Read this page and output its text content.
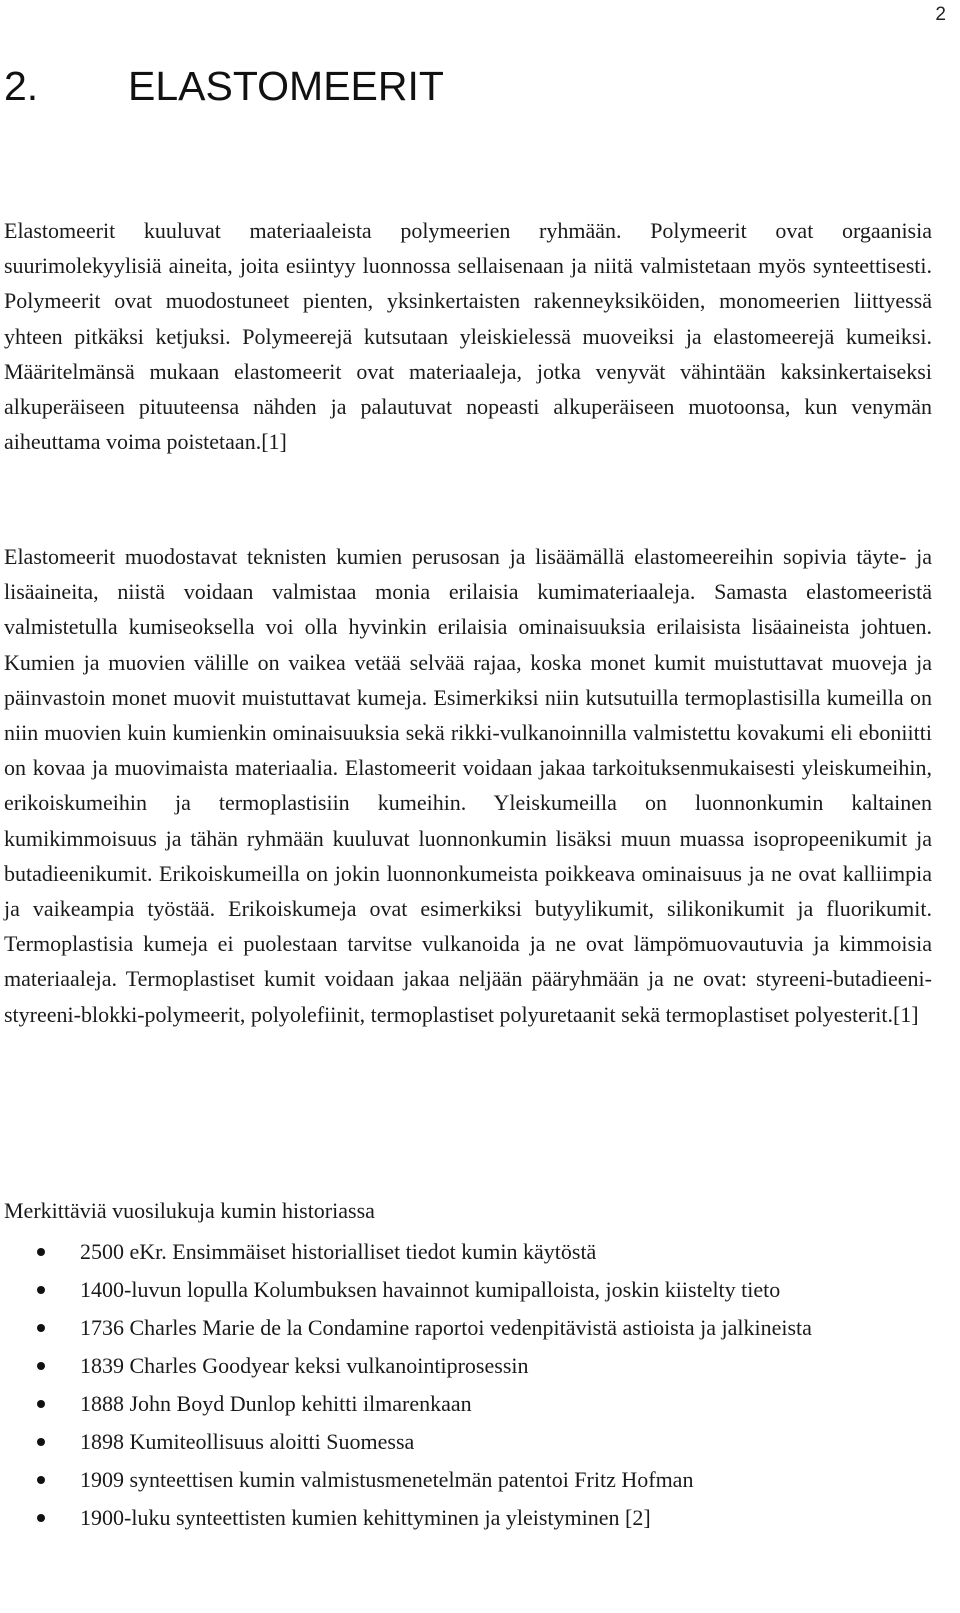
2
2. ELASTOMEERIT

Elastomeerit kuuluvat materiaaleista polymeerien ryhmään. Polymeerit ovat orgaanisia suurimolekyylisiä aineita, joita esiintyy luonnossa sellaisenaan ja niitä valmistetaan myös synteettisesti. Polymeerit ovat muodostuneet pienten, yksinkertaisten rakenneyksiköiden, monomeerien liittyessä yhteen pitkäksi ketjuksi. Polymeerejä kutsutaan yleiskielessä muoveiksi ja elastomeerejä kumeiksi. Määritelmänsä mukaan elastomeerit ovat materiaaleja, jotka venyvät vähintään kaksinkertaiseksi alkuperäiseen pituuteensa nähden ja palautuvat nopeasti alkuperäiseen muotoonsa, kun venymän aiheuttama voima poistetaan.[1]

Elastomeerit muodostavat teknisten kumien perusosan ja lisäämällä elastomeereihin sopivia täyte- ja lisäaineita, niistä voidaan valmistaa monia erilaisia kumimateriaaleja. Samasta elastomeeristä valmistetulla kumiseoksella voi olla hyvinkin erilaisia ominaisuuksia erilaisista lisäaineista johtuen. Kumien ja muovien välille on vaikea vetää selvää rajaa, koska monet kumit muistuttavat muoveja ja päinvastoin monet muovit muistuttavat kumeja. Esimerkiksi niin kutsutuilla termoplastisilla kumeilla on niin muovien kuin kumienkin ominaisuuksia sekä rikki-vulkanoinnilla valmistettu kovakumi eli eboniitti on kovaa ja muovimaista materiaalia. Elastomeerit voidaan jakaa tarkoituksenmukaisesti yleiskumeihin, erikoiskumeihin ja termoplastisiin kumeihin. Yleiskumeilla on luonnonkumin kaltainen kumikimmoisuus ja tähän ryhmään kuuluvat luonnonkumin lisäksi muun muassa isopropeenikumit ja butadieenikumit. Erikoiskumeilla on jokin luonnonkumeista poikkeava ominaisuus ja ne ovat kalliimpia ja vaikeampia työstää. Erikoiskumeja ovat esimerkiksi butyylikumit, silikonikumit ja fluorikumit. Termoplastisia kumeja ei puolestaan tarvitse vulkanoida ja ne ovat lämpömuovautuvia ja kimmoisia materiaaleja. Termoplastiset kumit voidaan jakaa neljään pääryhmään ja ne ovat: styreeni-butadieeni-styreeni-blokki-polymeerit, polyolefiinit, termoplastiset polyuretaanit sekä termoplastiset polyesterit.[1]

Merkittäviä vuosilukuja kumin historiassa

2500 eKr. Ensimmäiset historialliset tiedot kumin käytöstä
1400-luvun lopulla Kolumbuksen havainnot kumipalloista, joskin kiistelty tieto
1736 Charles Marie de la Condamine raportoi vedenpitävistä astioista ja jalkineista
1839 Charles Goodyear keksi vulkanointiprosessin
1888 John Boyd Dunlop kehitti ilmarenkaan
1898 Kumiteollisuus aloitti Suomessa
1909 synteettisen kumin valmistusmenetelmän patentoi Fritz Hofman
1900-luku synteettisten kumien kehittyminen ja yleistyminen [2]
